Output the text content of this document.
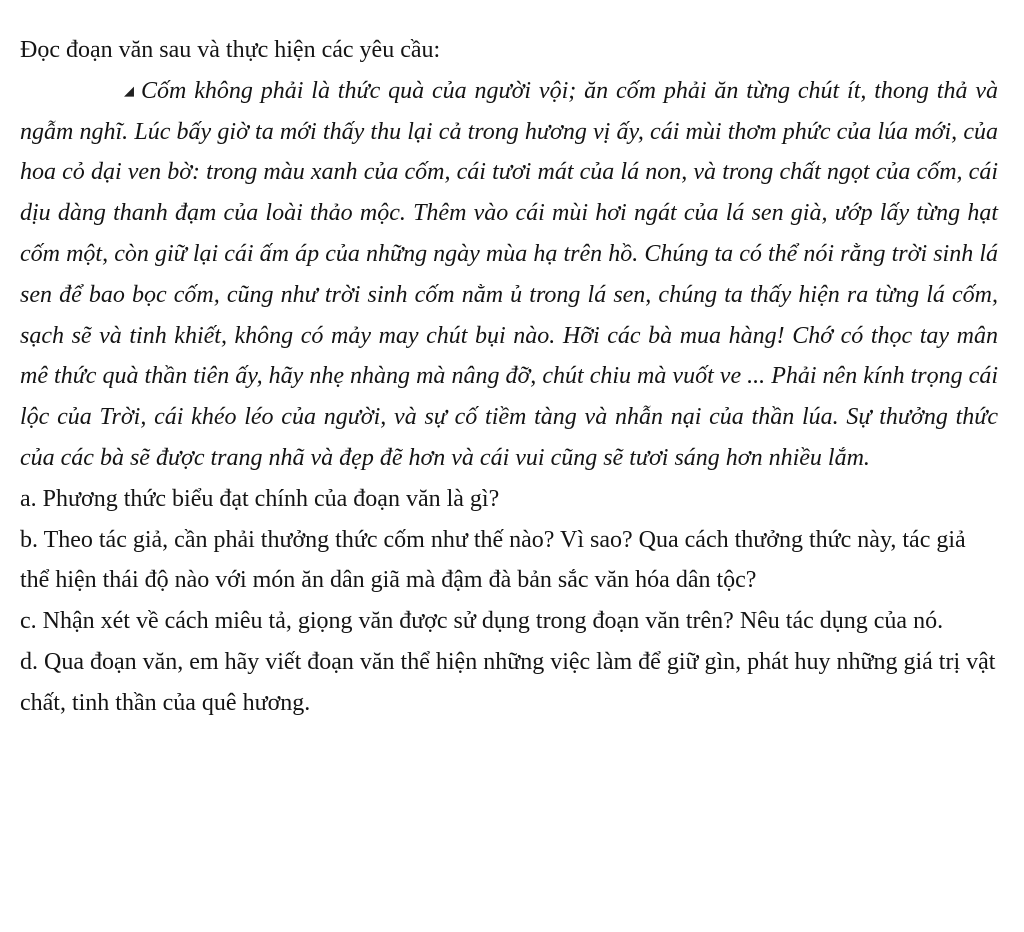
Đọc đoạn văn sau và thực hiện các yêu cầu:

◢ Cốm không phải là thức quà của người vội; ăn cốm phải ăn từng chút ít, thong thả và ngẫm nghĩ. Lúc bấy giờ ta mới thấy thu lại cả trong hương vị ấy, cái mùi thơm phức của lúa mới, của hoa cỏ dại ven bờ: trong màu xanh của cốm, cái tươi mát của lá non, và trong chất ngọt của cốm, cái dịu dàng thanh đạm của loài thảo mộc. Thêm vào cái mùi hơi ngát của lá sen già, ướp lấy từng hạt cốm một, còn giữ lại cái ấm áp của những ngày mùa hạ trên hồ. Chúng ta có thể nói rằng trời sinh lá sen để bao bọc cốm, cũng như trời sinh cốm nằm ủ trong lá sen, chúng ta thấy hiện ra từng lá cốm, sạch sẽ và tinh khiết, không có mảy may chút bụi nào. Hỡi các bà mua hàng! Chớ có thọc tay mân mê thức quà thần tiên ấy, hãy nhẹ nhàng mà nâng đỡ, chút chiu mà vuốt ve ... Phải nên kính trọng cái lộc của Trời, cái khéo léo của người, và sự cố tiềm tàng và nhẫn nại của thần lúa. Sự thưởng thức của các bà sẽ được trang nhã và đẹp đẽ hơn và cái vui cũng sẽ tươi sáng hơn nhiều lắm.

a. Phương thức biểu đạt chính của đoạn văn là gì?

b. Theo tác giả, cần phải thưởng thức cốm như thế nào? Vì sao? Qua cách thưởng thức này, tác giả thể hiện thái độ nào với món ăn dân giã mà đậm đà bản sắc văn hóa dân tộc?

c. Nhận xét về cách miêu tả, giọng văn được sử dụng trong đoạn văn trên? Nêu tác dụng của nó.

d. Qua đoạn văn, em hãy viết đoạn văn thể hiện những việc làm để giữ gìn, phát huy những giá trị vật chất, tinh thần của quê hương.
